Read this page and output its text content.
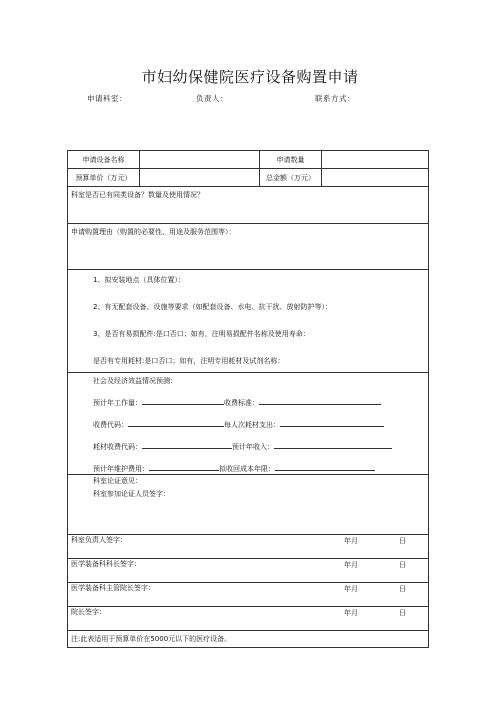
市妇幼保健院医疗设备购置申请
申请科室：	负责人：	联系方式：
申请设备名称		申请数量	
预算单价（万元）		总金额（万元）	
科室是否已有同类设备？数量及使用情况？			
申请购置理由（购置的必要性、用途及服务范围等）：			

1、拟安装地点（具体位置）：
2、有无配套设备、设施等要求（如配套设备、水电、抗干扰、放射防护等）：
3、是否有易损配件:是口否口；如有，注明易损配件名称及使用寿命：
是否有专用耗材:是口否口；如有，注明专用耗材及试剂名称：			

社会及经济效益情况预测：
预计年工作量： 收费标准：
收费代码： 每人次耗材支出：
耗材收费代码： 预计年收入：
预计年维护费用： 拟收回成本年限：			

科室论证意见：
科室参加论证人员签字：			

科室负责人签字： 年月 日			

医学装备科科长签字： 年月 日			

医学装备科主管院长签字： 年月 日			

院长签字： 年月 日			

注:此表适用于预算单价在5000元以下的医疗设备。			
